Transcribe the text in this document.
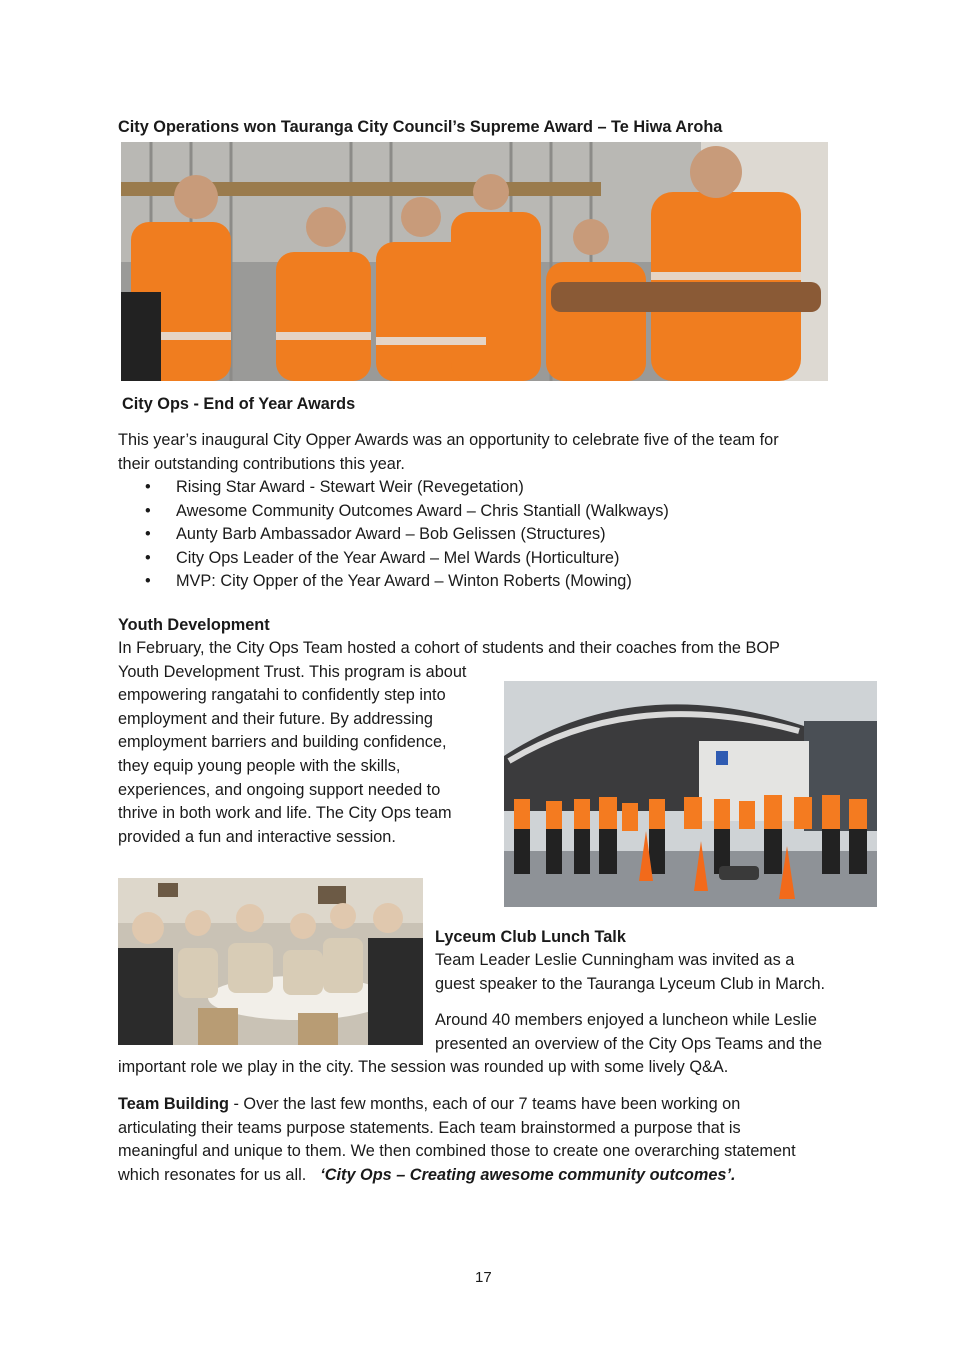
City Operations won Tauranga City Council’s Supreme Award – Te Hiwa Aroha
City Ops - End of Year Awards
This year’s inaugural City Opper Awards was an opportunity to celebrate five of the team for
their outstanding contributions this year.
• Rising Star Award - Stewart Weir (Revegetation)
• Awesome Community Outcomes Award – Chris Stantiall (Walkways)
• Aunty Barb Ambassador Award – Bob Gelissen (Structures)
• City Ops Leader of the Year Award – Mel Wards (Horticulture)
• MVP: City Opper of the Year Award – Winton Roberts (Mowing)
Youth Development
In February, the City Ops Team hosted a cohort of students and their coaches from the BOP
Youth Development Trust. This program is about
empowering rangatahi to confidently step into
employment and their future. By addressing
employment barriers and building confidence,
they equip young people with the skills,
experiences, and ongoing support needed to
thrive in both work and life. The City Ops team
provided a fun and interactive session.
Lyceum Club Lunch Talk
Team Leader Leslie Cunningham was invited as a
guest speaker to the Tauranga Lyceum Club in March.
Around 40 members enjoyed a luncheon while Leslie
presented an overview of the City Ops Teams and the
important role we play in the city. The session was rounded up with some lively Q&A.
Team Building - Over the last few months, each of our 7 teams have been working on
articulating their teams purpose statements. Each team brainstormed a purpose that is
meaningful and unique to them. We then combined those to create one overarching statement
which resonates for us all. ‘City Ops – Creating awesome community outcomes’.
17
